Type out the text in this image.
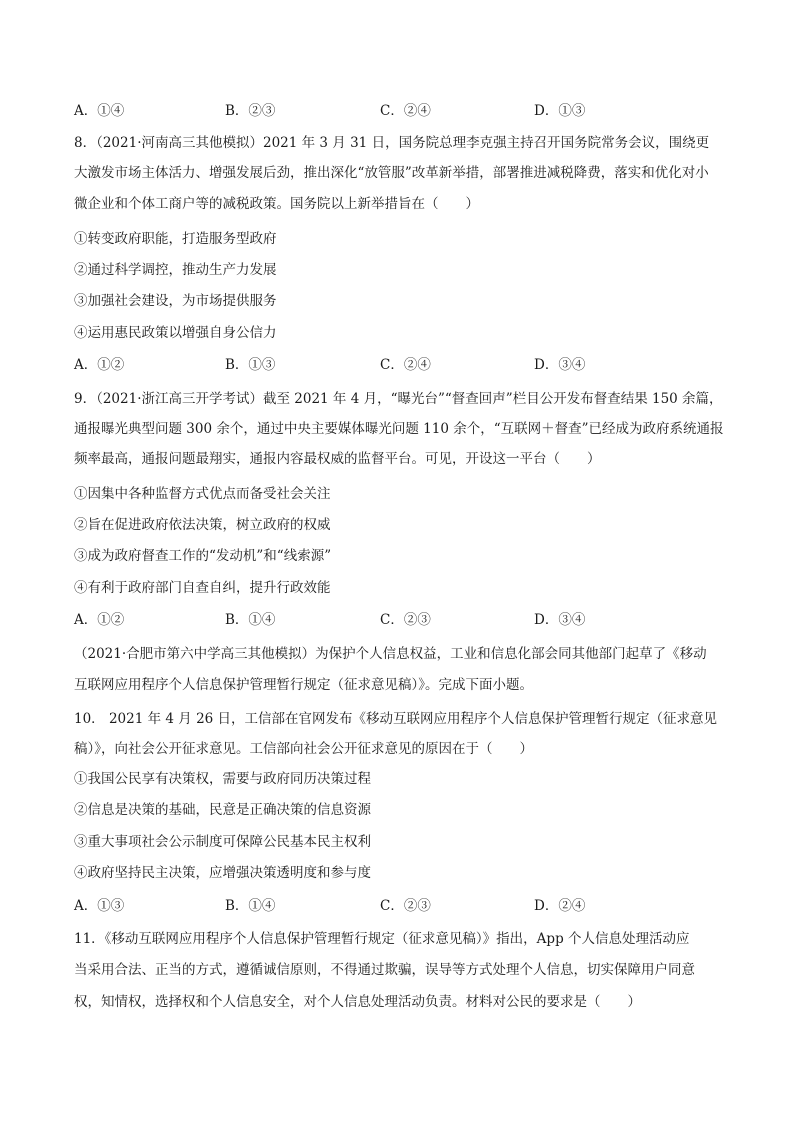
A．①④	B．②③	C．②④	D．①③
8．（2021·河南高三其他模拟）2021 年 3 月 31 日，国务院总理李克强主持召开国务院常务会议，围绕更
大激发市场主体活力、增强发展后劲，推出深化“放管服”改革新举措，部署推进减税降费，落实和优化对小
微企业和个体工商户等的减税政策。国务院以上新举措旨在（　　）
①转变政府职能，打造服务型政府
②通过科学调控，推动生产力发展
③加强社会建设，为市场提供服务
④运用惠民政策以增强自身公信力
A．①②	B．①③	C．②④	D．③④
9．（2021·浙江高三开学考试）截至 2021 年 4 月，“曝光台”“督查回声”栏目公开发布督查结果 150 余篇，
通报曝光典型问题 300 余个，通过中央主要媒体曝光问题 110 余个，“互联网＋督查”已经成为政府系统通报
频率最高，通报问题最翔实，通报内容最权威的监督平台。可见，开设这一平台（　　）
①因集中各种监督方式优点而备受社会关注
②旨在促进政府依法决策，树立政府的权威
③成为政府督查工作的“发动机”和“线索源”
④有利于政府部门自查自纠，提升行政效能
A．①②	B．①④	C．②③	D．③④
（2021·合肥市第六中学高三其他模拟）为保护个人信息权益，工业和信息化部会同其他部门起草了《移动
互联网应用程序个人信息保护管理暂行规定（征求意见稿）》。完成下面小题。
10． 2021 年 4 月 26 日，工信部在官网发布《移动互联网应用程序个人信息保护管理暂行规定（征求意见
稿）》，向社会公开征求意见。工信部向社会公开征求意见的原因在于（　　）
①我国公民享有决策权，需要与政府同历决策过程
②信息是决策的基础，民意是正确决策的信息资源
③重大事项社会公示制度可保障公民基本民主权利
④政府坚持民主决策，应增强决策透明度和参与度
A．①③	B．①④	C．②③	D．②④
11．《移动互联网应用程序个人信息保护管理暂行规定（征求意见稿）》指出，App 个人信息处理活动应
当采用合法、正当的方式，遵循诚信原则，不得通过欺骗，误导等方式处理个人信息，切实保障用户同意
权，知情权，选择权和个人信息安全，对个人信息处理活动负责。材料对公民的要求是（　　）
